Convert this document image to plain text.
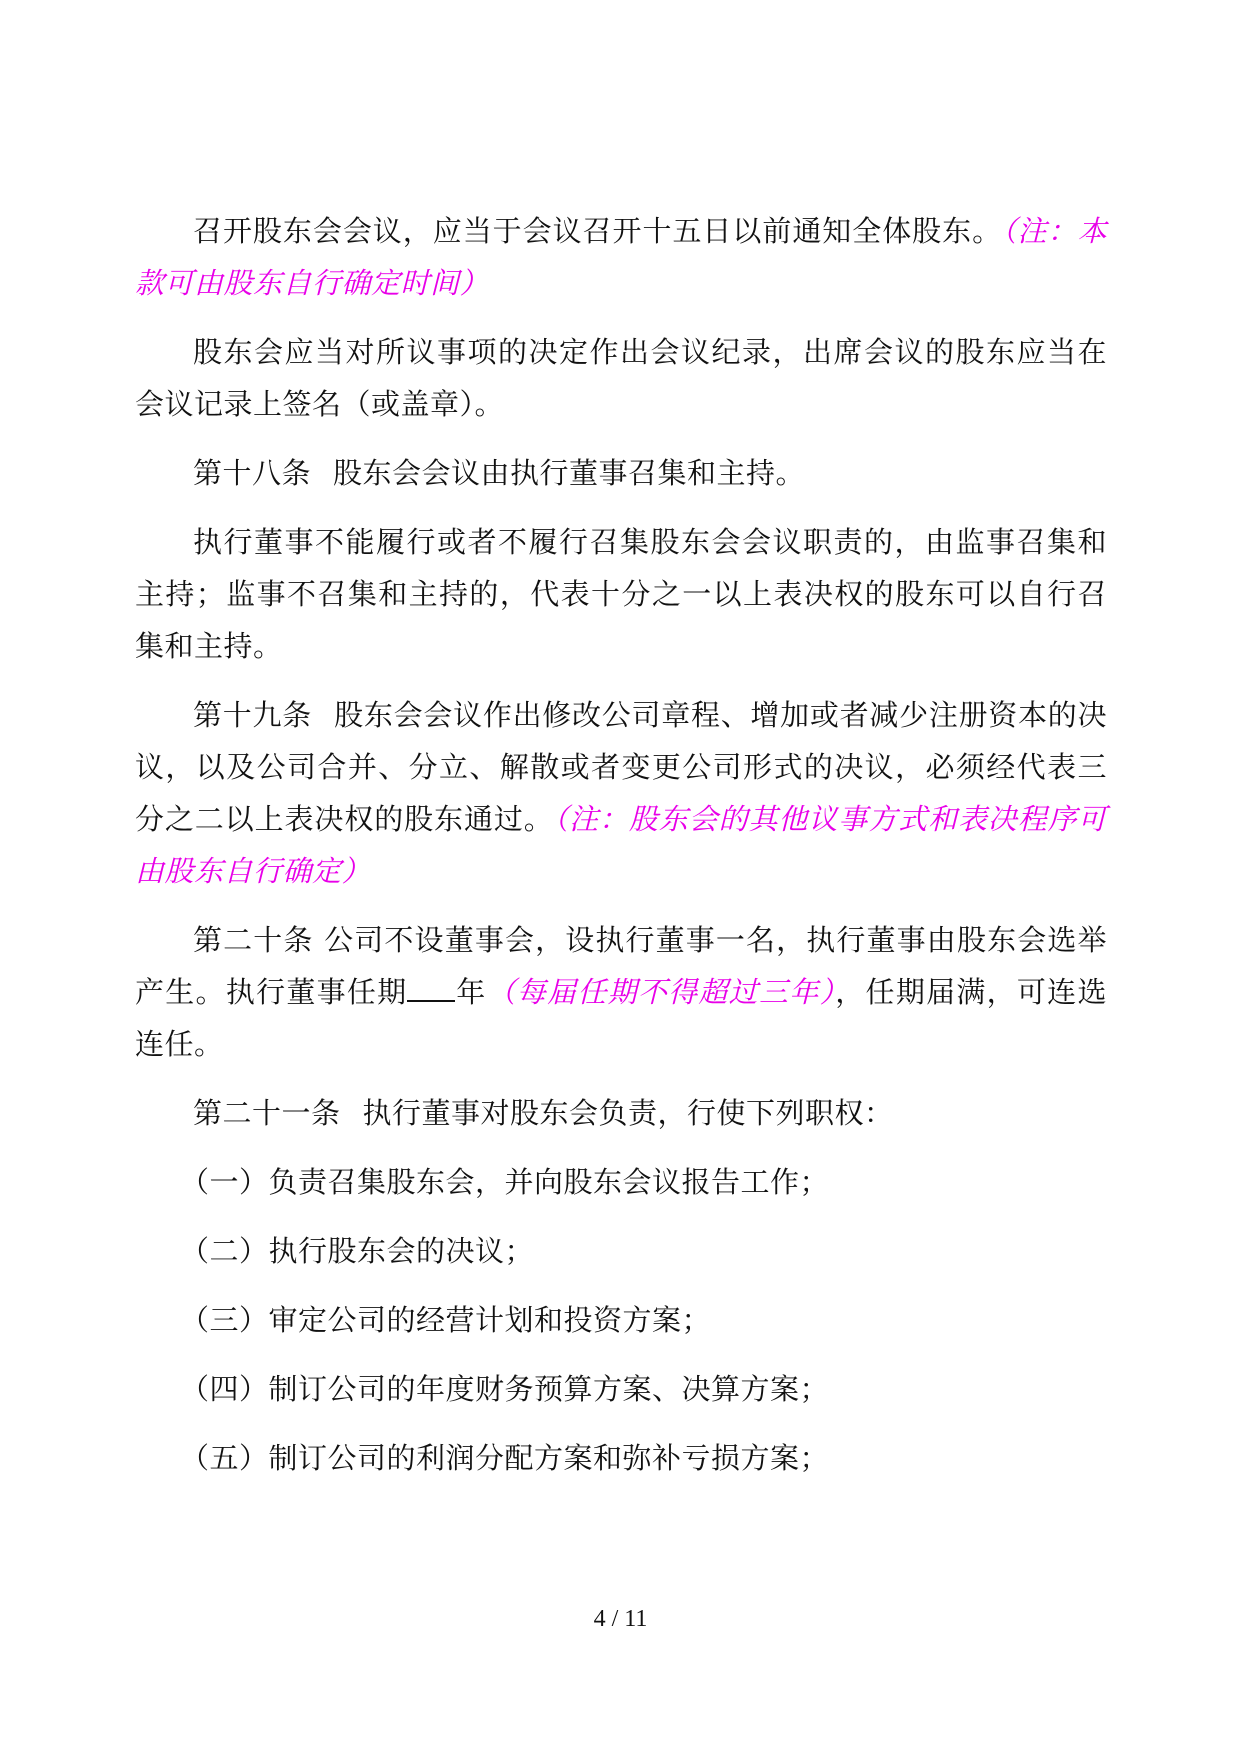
召开股东会会议，应当于会议召开十五日以前通知全体股东。（注：本款可由股东自行确定时间）

股东会应当对所议事项的决定作出会议纪录，出席会议的股东应当在会议记录上签名（或盖章）。

第十八条 股东会会议由执行董事召集和主持。

执行董事不能履行或者不履行召集股东会会议职责的，由监事召集和主持；监事不召集和主持的，代表十分之一以上表决权的股东可以自行召集和主持。

第十九条 股东会会议作出修改公司章程、增加或者减少注册资本的决议，以及公司合并、分立、解散或者变更公司形式的决议，必须经代表三分之二以上表决权的股东通过。（注：股东会的其他议事方式和表决程序可由股东自行确定）

第二十条 公司不设董事会，设执行董事一名，执行董事由股东会选举产生。执行董事任期 年（每届任期不得超过三年），任期届满，可连选连任。

第二十一条 执行董事对股东会负责，行使下列职权：

（一）负责召集股东会，并向股东会议报告工作；

（二）执行股东会的决议；

（三）审定公司的经营计划和投资方案；

（四）制订公司的年度财务预算方案、决算方案；

（五）制订公司的利润分配方案和弥补亏损方案；

4 / 11
